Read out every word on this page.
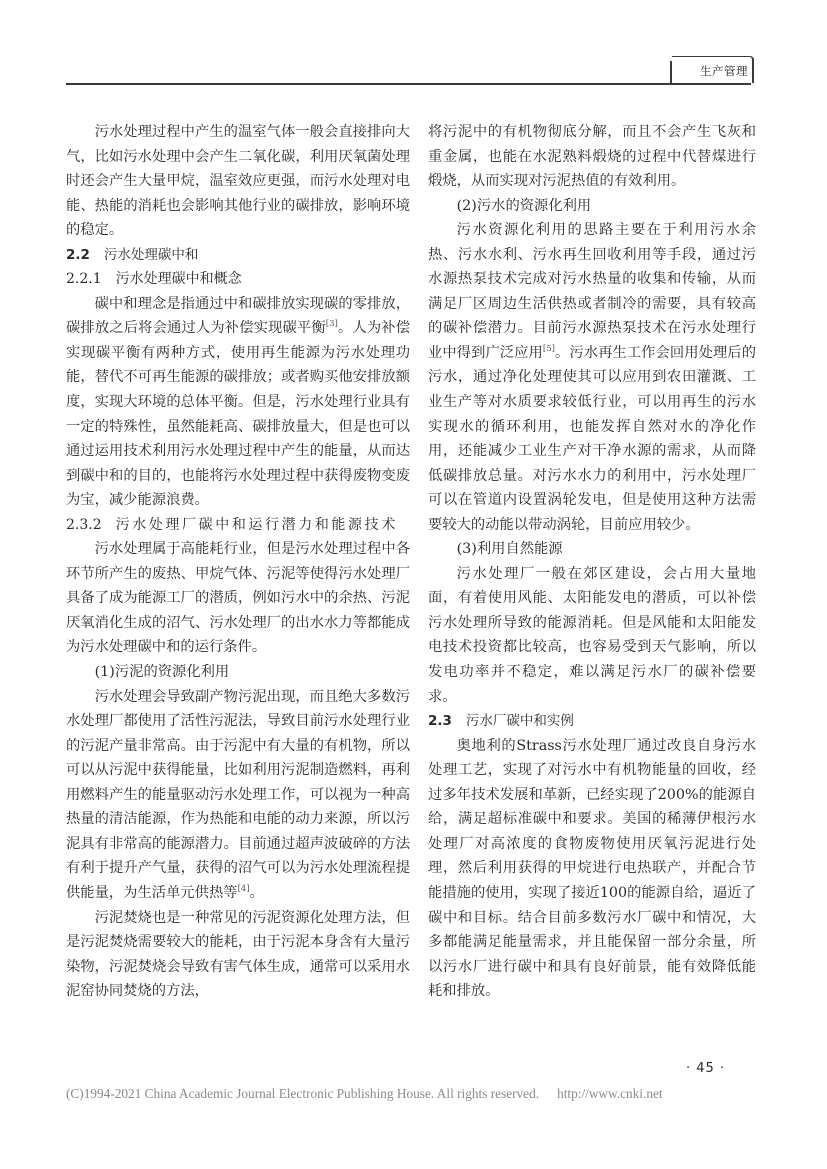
生产管理

污水处理过程中产生的温室气体一般会直接排向大气，比如污水处理中会产生二氧化碳，利用厌氧菌处理时还会产生大量甲烷，温室效应更强，而污水处理对电能、热能的消耗也会影响其他行业的碳排放，影响环境的稳定。

2.2 污水处理碳中和

2.2.1 污水处理碳中和概念

碳中和理念是指通过中和碳排放实现碳的零排放，碳排放之后将会通过人为补偿实现碳平衡[3]。人为补偿实现碳平衡有两种方式，使用再生能源为污水处理功能，替代不可再生能源的碳排放；或者购买他安排放额度，实现大环境的总体平衡。但是，污水处理行业具有一定的特殊性，虽然能耗高、碳排放量大，但是也可以通过运用技术利用污水处理过程中产生的能量，从而达到碳中和的目的，也能将污水处理过程中获得废物变废为宝，减少能源浪费。

2.3.2 污水处理厂碳中和运行潜力和能源技术

污水处理属于高能耗行业，但是污水处理过程中各环节所产生的废热、甲烷气体、污泥等使得污水处理厂具备了成为能源工厂的潜质，例如污水中的余热、污泥厌氧消化生成的沼气、污水处理厂的出水水力等都能成为污水处理碳中和的运行条件。

(1)污泥的资源化利用

污水处理会导致副产物污泥出现，而且绝大多数污水处理厂都使用了活性污泥法，导致目前污水处理行业的污泥产量非常高。由于污泥中有大量的有机物，所以可以从污泥中获得能量，比如利用污泥制造燃料，再利用燃料产生的能量驱动污水处理工作，可以视为一种高热量的清洁能源，作为热能和电能的动力来源，所以污泥具有非常高的能源潜力。目前通过超声波破碎的方法有利于提升产气量，获得的沼气可以为污水处理流程提供能量，为生活单元供热等[4]。

污泥焚烧也是一种常见的污泥资源化处理方法，但是污泥焚烧需要较大的能耗，由于污泥本身含有大量污染物，污泥焚烧会导致有害气体生成，通常可以采用水泥窑协同焚烧的方法，

将污泥中的有机物彻底分解，而且不会产生飞灰和重金属，也能在水泥熟料煅烧的过程中代替煤进行煅烧，从而实现对污泥热值的有效利用。

(2)污水的资源化利用

污水资源化利用的思路主要在于利用污水余热、污水水利、污水再生回收利用等手段，通过污水源热泵技术完成对污水热量的收集和传输，从而满足厂区周边生活供热或者制冷的需要，具有较高的碳补偿潜力。目前污水源热泵技术在污水处理行业中得到广泛应用[5]。污水再生工作会回用处理后的污水，通过净化处理使其可以应用到农田灌溉、工业生产等对水质要求较低行业，可以用再生的污水实现水的循环利用，也能发挥自然对水的净化作用，还能减少工业生产对干净水源的需求，从而降低碳排放总量。对污水水力的利用中，污水处理厂可以在管道内设置涡轮发电，但是使用这种方法需要较大的动能以带动涡轮，目前应用较少。

(3)利用自然能源

污水处理厂一般在郊区建设，会占用大量地面，有着使用风能、太阳能发电的潜质，可以补偿污水处理所导致的能源消耗。但是风能和太阳能发电技术投资都比较高，也容易受到天气影响，所以发电功率并不稳定，难以满足污水厂的碳补偿要求。

2.3 污水厂碳中和实例

奥地利的Strass污水处理厂通过改良自身污水处理工艺，实现了对污水中有机物能量的回收，经过多年技术发展和革新，已经实现了200%的能源自给，满足超标准碳中和要求。美国的稀薄伊根污水处理厂对高浓度的食物废物使用厌氧污泥进行处理，然后利用获得的甲烷进行电热联产，并配合节能措施的使用，实现了接近100的能源自给，逼近了碳中和目标。结合目前多数污水厂碳中和情况，大多都能满足能量需求，并且能保留一部分余量，所以污水厂进行碳中和具有良好前景，能有效降低能耗和排放。

· 45 ·
(C)1994-2021 China Academic Journal Electronic Publishing House. All rights reserved. http://www.cnki.net
